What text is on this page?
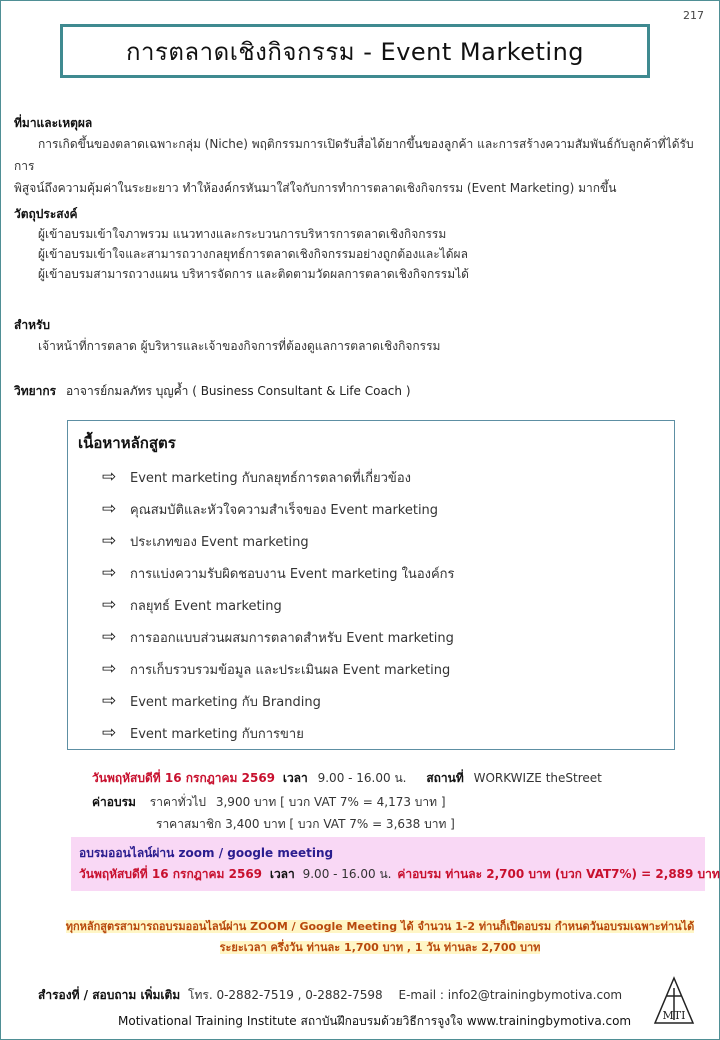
217
การตลาดเชิงกิจกรรม - Event Marketing
ที่มาและเหตุผล
การเกิดขึ้นของตลาดเฉพาะกลุ่ม (Niche) พฤติกรรมการเปิดรับสื่อได้ยากขึ้นของลูกค้า และการสร้างความสัมพันธ์กับลูกค้าที่ได้รับการ
พิสูจน์ถึงความคุ้มค่าในระยะยาว ทำให้องค์กรหันมาใส่ใจกับการทำการตลาดเชิงกิจกรรม (Event Marketing) มากขึ้น
วัตถุประสงค์
ผู้เข้าอบรมเข้าใจภาพรวม แนวทางและกระบวนการบริหารการตลาดเชิงกิจกรรม
ผู้เข้าอบรมเข้าใจและสามารถวางกลยุทธ์การตลาดเชิงกิจกรรมอย่างถูกต้องและได้ผล
ผู้เข้าอบรมสามารถวางแผน บริหารจัดการ และติดตามวัดผลการตลาดเชิงกิจกรรมได้
สำหรับ
เจ้าหน้าที่การตลาด ผู้บริหารและเจ้าของกิจการที่ต้องดูแลการตลาดเชิงกิจกรรม
วิทยากร อาจารย์กมลภัทร บุญค้ำ ( Business Consultant & Life Coach )
เนื้อหาหลักสูตร
⇨	Event marketing กับกลยุทธ์การตลาดที่เกี่ยวข้อง
⇨	คุณสมบัติและหัวใจความสำเร็จของ Event marketing
⇨	ประเภทของ Event marketing
⇨	การแบ่งความรับผิดชอบงาน Event marketing ในองค์กร
⇨	กลยุทธ์ Event marketing
⇨	การออกแบบส่วนผสมการตลาดสำหรับ Event marketing
⇨	การเก็บรวบรวมข้อมูล และประเมินผล Event marketing
⇨	Event marketing กับ Branding
⇨	Event marketing กับการขาย
วันพฤหัสบดีที่ 16 กรกฎาคม 2569 เวลา 9.00 - 16.00 น. สถานที่ WORKWIZE theStreet
ค่าอบรม ราคาทั่วไป 3,900 บาท [ บวก VAT 7% = 4,173 บาท ]
ราคาสมาชิก 3,400 บาท [ บวก VAT 7% = 3,638 บาท ]
อบรมออนไลน์ผ่าน zoom / google meeting
วันพฤหัสบดีที่ 16 กรกฎาคม 2569 เวลา 9.00 - 16.00 น. ค่าอบรม ท่านละ 2,700 บาท (บวก VAT7%) = 2,889 บาท
ทุกหลักสูตรสามารถอบรมออนไลน์ผ่าน ZOOM / Google Meeting ได้ จำนวน 1-2 ท่านก็เปิดอบรม กำหนดวันอบรมเฉพาะท่านได้
ระยะเวลา ครึ่งวัน ท่านละ 1,700 บาท , 1 วัน ท่านละ 2,700 บาท
สำรองที่ / สอบถาม เพิ่มเติม โทร. 0-2882-7519 , 0-2882-7598 E-mail : info2@trainingbymotiva.com
Motivational Training Institute สถาบันฝึกอบรมด้วยวิธีการจูงใจ www.trainingbymotiva.com	MTI
